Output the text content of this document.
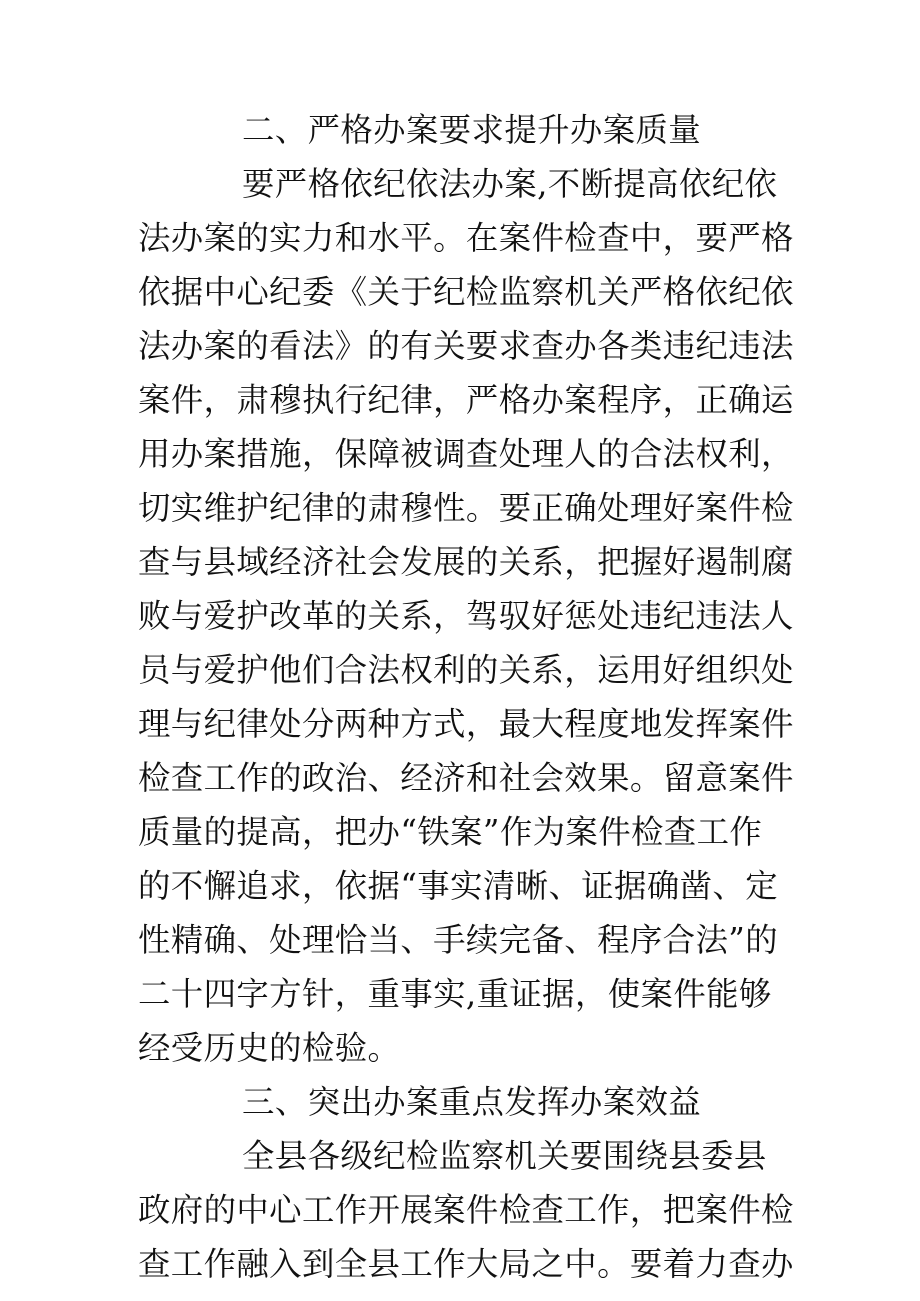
二、严格办案要求提升办案质量
要严格依纪依法办案,不断提高依纪依
法办案的实力和水平。在案件检查中，要严格
依据中心纪委《关于纪检监察机关严格依纪依
法办案的看法》的有关要求查办各类违纪违法
案件，肃穆执行纪律，严格办案程序，正确运
用办案措施，保障被调查处理人的合法权利，
切实维护纪律的肃穆性。要正确处理好案件检
查与县域经济社会发展的关系，把握好遏制腐
败与爱护改革的关系，驾驭好惩处违纪违法人
员与爱护他们合法权利的关系，运用好组织处
理与纪律处分两种方式，最大程度地发挥案件
检查工作的政治、经济和社会效果。留意案件
质量的提高，把办“铁案”作为案件检查工作
的不懈追求，依据“事实清晰、证据确凿、定
性精确、处理恰当、手续完备、程序合法”的
二十四字方针，重事实,重证据，使案件能够
经受历史的检验。
三、突出办案重点发挥办案效益
全县各级纪检监察机关要围绕县委县
政府的中心工作开展案件检查工作，把案件检
查工作融入到全县工作大局之中。要着力查办
